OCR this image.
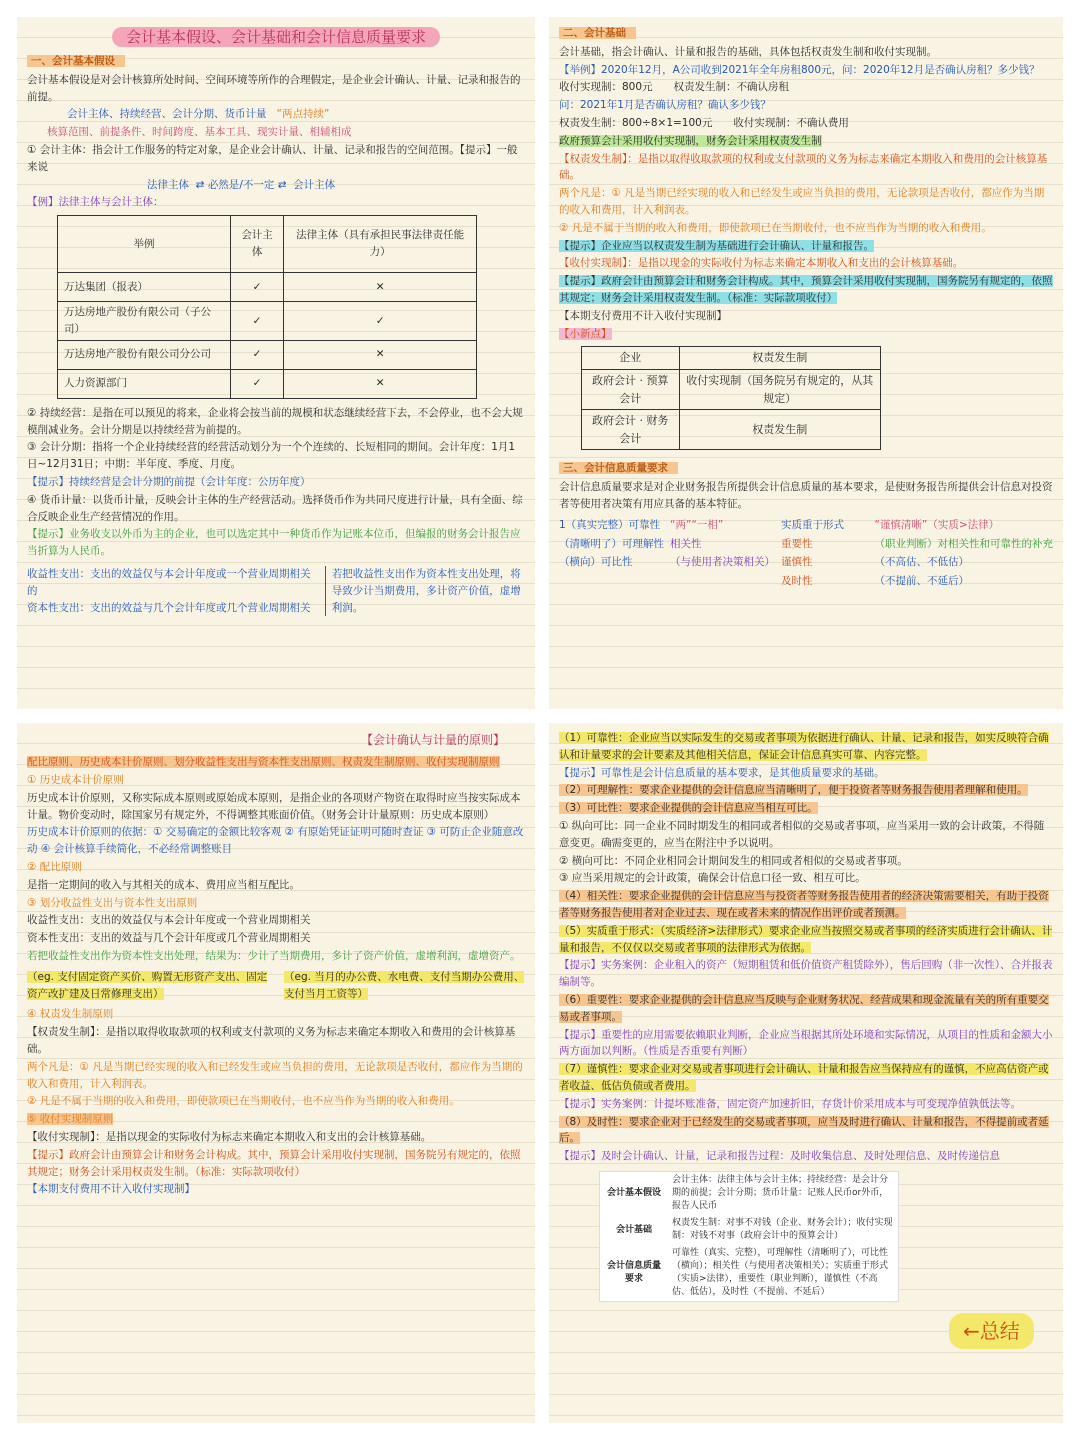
会计基本假设、会计基础和会计信息质量要求
一、会计基本假设
会计基本假设是对会计核算所处时间、空间环境等所作的合理假定，是企业会计确认、计量、记录和报告的前提。
会计主体、持续经营、会计分期、货币计量 “两点持续”
核算范围、前提条件、时间跨度、基本工具、现实计量、相辅相成
① 会计主体：指会计工作服务的特定对象，是企业会计确认、计量、记录和报告的空间范围。【提示】一般来说
法律主体  ⇄ 必然是/不一定 ⇄  会计主体
【例】法律主体与会计主体：
举例	会计主体	法律主体（具有承担民事法律责任能力）
万达集团（报表）	✓	✕
万达房地产股份有限公司（子公司）	✓	✓
万达房地产股份有限公司分公司	✓	✕
人力资源部门	✓	✕
② 持续经营：是指在可以预见的将来，企业将会按当前的规模和状态继续经营下去，不会停业，也不会大规模削减业务。会计分期是以持续经营为前提的。
③ 会计分期：指将一个企业持续经营的经营活动划分为一个个连续的、长短相同的期间。会计年度：1月1日~12月31日；中期：半年度、季度、月度。
【提示】持续经营是会计分期的前提（会计年度：公历年度）
④ 货币计量：以货币计量，反映会计主体的生产经营活动。选择货币作为共同尺度进行计量，具有全面、综合反映企业生产经营情况的作用。
【提示】业务收支以外币为主的企业，也可以选定其中一种货币作为记账本位币，但编报的财务会计报告应当折算为人民币。
收益性支出：支出的效益仅与本会计年度或一个营业周期相关的
资本性支出：支出的效益与几个会计年度或几个营业周期相关
若把收益性支出作为资本性支出处理，将导致少计当期费用，多计资产价值，虚增利润。
二、会计基础
会计基础，指会计确认、计量和报告的基础，具体包括权责发生制和收付实现制。
【举例】2020年12月，A公司收到2021年全年房租800元，问：2020年12月是否确认房租？多少钱？
收付实现制：800元　　权责发生制：不确认房租
问：2021年1月是否确认房租？确认多少钱？
权责发生制：800÷8×1=100元　　收付实现制：不确认费用
政府预算会计采用收付实现制，财务会计采用权责发生制
【权责发生制】：是指以取得收取款项的权利或支付款项的义务为标志来确定本期收入和费用的会计核算基础。
两个凡是：① 凡是当期已经实现的收入和已经发生或应当负担的费用，无论款项是否收付，都应作为当期的收入和费用，计入利润表。
② 凡是不属于当期的收入和费用，即使款项已在当期收付，也不应当作为当期的收入和费用。
【提示】企业应当以权责发生制为基础进行会计确认、计量和报告。
【收付实现制】：是指以现金的实际收付为标志来确定本期收入和支出的会计核算基础。
【提示】政府会计由预算会计和财务会计构成。其中，预算会计采用收付实现制，国务院另有规定的，依照其规定；财务会计采用权责发生制。（标准：实际款项收付）
【本期支付费用不计入收付实现制】
【小新点】
企业	权责发生制
政府会计 · 预算会计	收付实现制（国务院另有规定的，从其规定）
政府会计 · 财务会计	权责发生制
三、会计信息质量要求
会计信息质量要求是对企业财务报告所提供会计信息质量的基本要求，是使财务报告所提供会计信息对投资者等使用者决策有用应具备的基本特征。
1（真实完整）可靠性 “两”“一相”	实质重于形式	“谨慎清晰”（实质>法律）
（清晰明了）可理解性 相关性	重要性	（职业判断）对相关性和可靠性的补充
（横向）可比性	（与使用者决策相关） 谨慎性	（不高估、不低估）
及时性	（不提前、不延后）
【会计确认与计量的原则】
配比原则、历史成本计价原则、划分收益性支出与资本性支出原则、权责发生制原则、收付实现制原则
① 历史成本计价原则
历史成本计价原则，又称实际成本原则或原始成本原则，是指企业的各项财产物资在取得时应当按实际成本计量。物价变动时，除国家另有规定外，不得调整其账面价值。（财务会计计量原则：历史成本原则）
历史成本计价原则的依据：① 交易确定的金额比较客观 ② 有原始凭证证明可随时查证 ③ 可防止企业随意改动 ④ 会计核算手续简化，不必经常调整账目
② 配比原则
是指一定期间的收入与其相关的成本、费用应当相互配比。
③ 划分收益性支出与资本性支出原则
收益性支出：支出的效益仅与本会计年度或一个营业周期相关
资本性支出：支出的效益与几个会计年度或几个营业周期相关
若把收益性支出作为资本性支出处理，结果为：少计了当期费用，多计了资产价值，虚增利润，虚增资产。
（eg. 支付固定资产买价、购置无形资产支出、固定资产改扩建及日常修理支出）
（eg. 当月的办公费、水电费、支付当期办公费用、支付当月工资等）
④ 权责发生制原则
【权责发生制】：是指以取得收取款项的权利或支付款项的义务为标志来确定本期收入和费用的会计核算基础。
两个凡是：① 凡是当期已经实现的收入和已经发生或应当负担的费用，无论款项是否收付，都应作为当期的收入和费用，计入利润表。
② 凡是不属于当期的收入和费用，即使款项已在当期收付，也不应当作为当期的收入和费用。
⑤ 收付实现制原则
【收付实现制】：是指以现金的实际收付为标志来确定本期收入和支出的会计核算基础。
【提示】政府会计由预算会计和财务会计构成。其中，预算会计采用收付实现制，国务院另有规定的，依照其规定；财务会计采用权责发生制。（标准：实际款项收付）
【本期支付费用不计入收付实现制】
（1）可靠性：企业应当以实际发生的交易或者事项为依据进行确认、计量、记录和报告，如实反映符合确认和计量要求的会计要素及其他相关信息，保证会计信息真实可靠、内容完整。
【提示】可靠性是会计信息质量的基本要求，是其他质量要求的基础。
（2）可理解性：要求企业提供的会计信息应当清晰明了，便于投资者等财务报告使用者理解和使用。
（3）可比性：要求企业提供的会计信息应当相互可比。
① 纵向可比：同一企业不同时期发生的相同或者相似的交易或者事项，应当采用一致的会计政策，不得随意变更。确需变更的，应当在附注中予以说明。
② 横向可比：不同企业相同会计期间发生的相同或者相似的交易或者事项。
③ 应当采用规定的会计政策，确保会计信息口径一致、相互可比。
（4）相关性：要求企业提供的会计信息应当与投资者等财务报告使用者的经济决策需要相关，有助于投资者等财务报告使用者对企业过去、现在或者未来的情况作出评价或者预测。
（5）实质重于形式：（实质经济>法律形式）要求企业应当按照交易或者事项的经济实质进行会计确认、计量和报告，不仅仅以交易或者事项的法律形式为依据。
【提示】实务案例：企业租入的资产（短期租赁和低价值资产租赁除外），售后回购（非一次性）、合并报表编制等。
（6）重要性：要求企业提供的会计信息应当反映与企业财务状况、经营成果和现金流量有关的所有重要交易或者事项。
【提示】重要性的应用需要依赖职业判断，企业应当根据其所处环境和实际情况，从项目的性质和金额大小两方面加以判断。（性质是否重要有判断）
（7）谨慎性：要求企业对交易或者事项进行会计确认、计量和报告应当保持应有的谨慎，不应高估资产或者收益、低估负债或者费用。
【提示】实务案例：计提坏账准备，固定资产加速折旧，存货计价采用成本与可变现净值孰低法等。
（8）及时性：要求企业对于已经发生的交易或者事项，应当及时进行确认、计量和报告，不得提前或者延后。
【提示】及时会计确认、计量，记录和报告过程：及时收集信息、及时处理信息、及时传递信息
会计基本假设	会计主体：法律主体与会计主体；持续经营：是会计分期的前提；会计分期；货币计量：记账人民币or外币，报告人民币
会计基础	权责发生制：对事不对钱（企业、财务会计）；收付实现制：对钱不对事（政府会计中的预算会计）
会计信息质量要求	可靠性（真实、完整），可理解性（清晰明了），可比性（横向）；相关性（与使用者决策相关）；实质重于形式（实质>法律），重要性（职业判断），谨慎性（不高估、低估），及时性（不提前、不延后）
←总结
